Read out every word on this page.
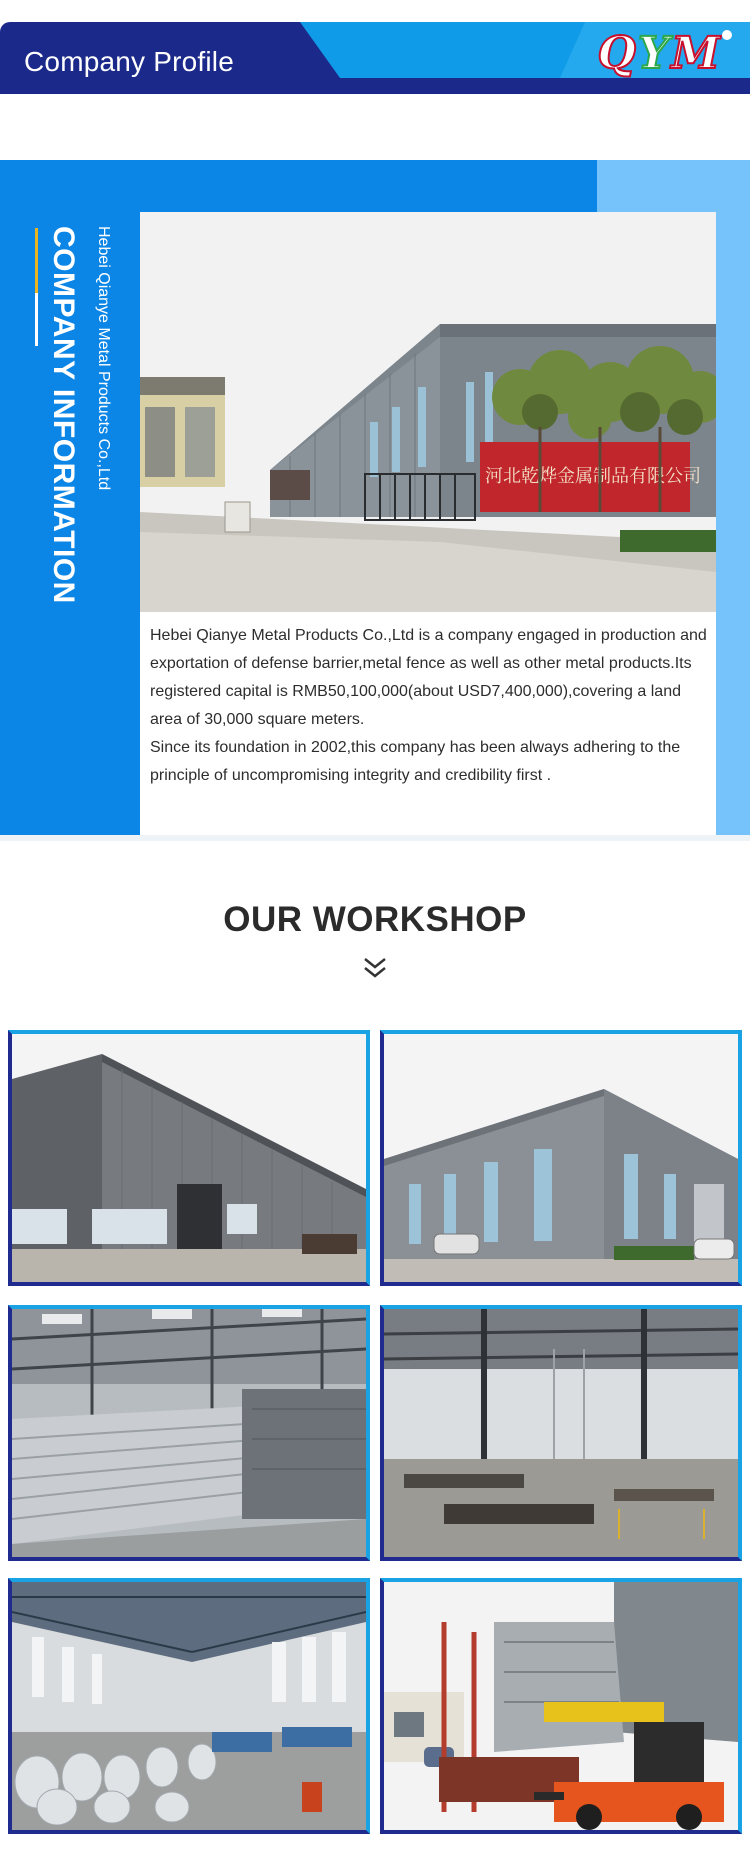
Company Profile	Q Y M
COMPANY INFORMATION Hebei Qianye Metal Products Co.,Ltd	河北乾烨金属制品有限公司

Hebei Qianye Metal Products Co.,Ltd is a company engaged in production and exportation of defense barrier,metal fence as well as other metal products.Its registered capital is RMB50,100,000(about USD7,400,000),covering a land area of 30,000 square meters.

Since its foundation in 2002,this company has been always adhering to the principle of uncompromising integrity and credibility first .

OUR WORKSHOP
